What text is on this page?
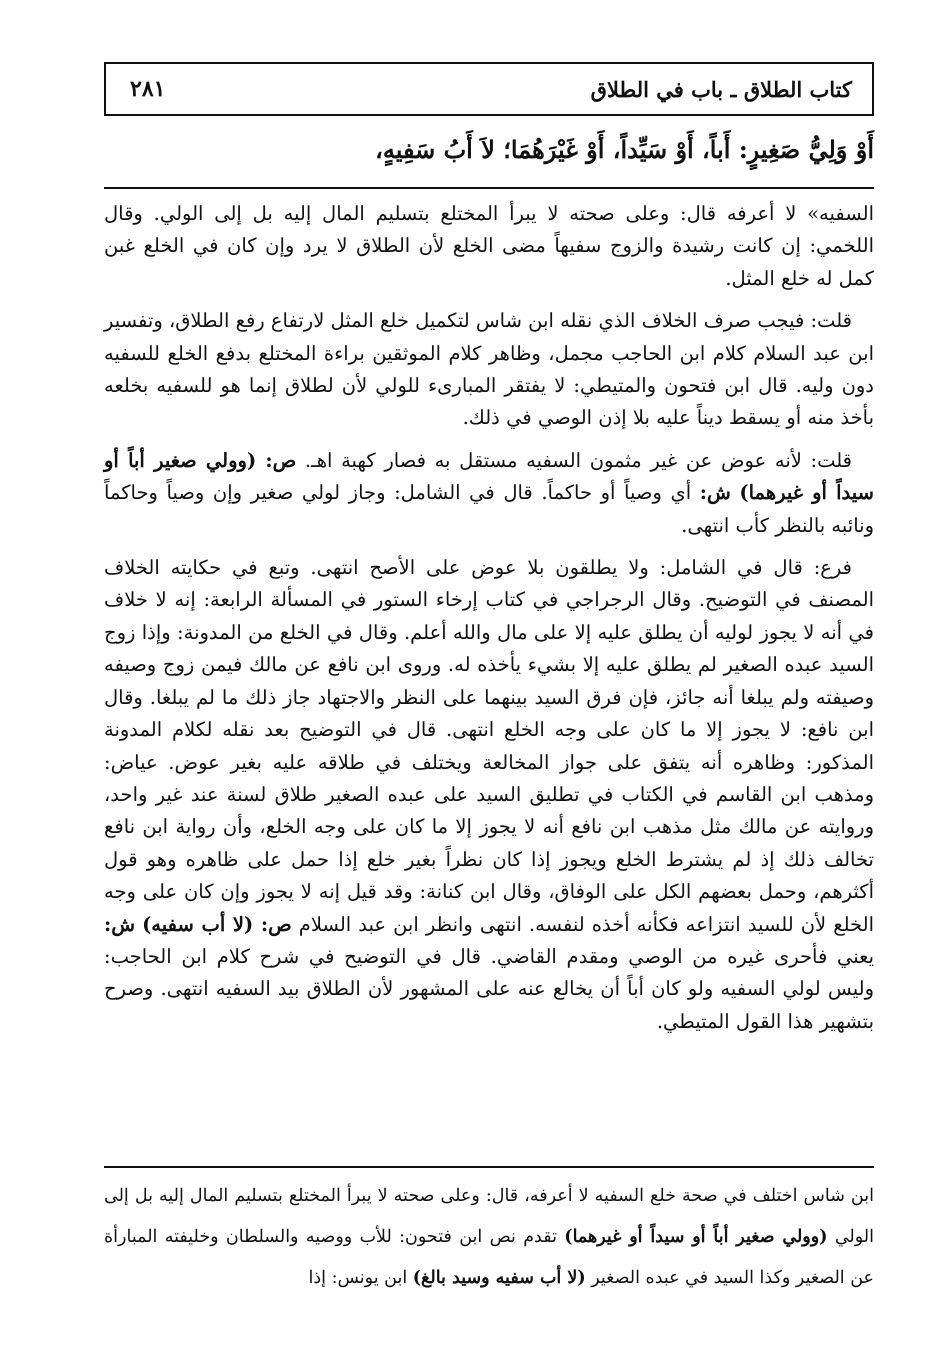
كتاب الطلاق ـ باب في الطلاق
٢٨١
أَوْ وَلِيُّ صَغِيرٍ: أَباً، أَوْ سَيِّداً، أَوْ غَيْرَهُمَا؛ لاَ أَبُ سَفِيهٍ،

السفيه» لا أعرفه قال: وعلى صحته لا يبرأ المختلع بتسليم المال إليه بل إلى الولي. وقال اللخمي: إن كانت رشيدة والزوج سفيهاً مضى الخلع لأن الطلاق لا يرد وإن كان في الخلع غبن كمل له خلع المثل.

قلت: فيجب صرف الخلاف الذي نقله ابن شاس لتكميل خلع المثل لارتفاع رفع الطلاق، وتفسير ابن عبد السلام كلام ابن الحاجب مجمل، وظاهر كلام الموثقين براءة المختلع بدفع الخلع للسفيه دون وليه. قال ابن فتحون والمتيطي: لا يفتقر المبارىء للولي لأن لطلاق إنما هو للسفيه بخلعه بأخذ منه أو يسقط ديناً عليه بلا إذن الوصي في ذلك.

قلت: لأنه عوض عن غير مثمون السفيه مستقل به فصار كهبة اهـ. ص: (وولي صغير أباً أو سيداً أو غيرهما) ش: أي وصياً أو حاكماً. قال في الشامل: وجاز لولي صغير وإن وصياً وحاكماً ونائبه بالنظر كأب انتهى.

فرع: قال في الشامل: ولا يطلقون بلا عوض على الأصح انتهى. وتبع في حكايته الخلاف المصنف في التوضيح. وقال الرجراجي في كتاب إرخاء الستور في المسألة الرابعة: إنه لا خلاف في أنه لا يجوز لوليه أن يطلق عليه إلا على مال والله أعلم. وقال في الخلع من المدونة: وإذا زوج السيد عبده الصغير لم يطلق عليه إلا بشيء يأخذه له. وروى ابن نافع عن مالك فيمن زوج وصيفه وصيفته ولم يبلغا أنه جائز، فإن فرق السيد بينهما على النظر والاجتهاد جاز ذلك ما لم يبلغا. وقال ابن نافع: لا يجوز إلا ما كان على وجه الخلع انتهى. قال في التوضيح بعد نقله لكلام المدونة المذكور: وظاهره أنه يتفق على جواز المخالعة ويختلف في طلاقه عليه بغير عوض. عياض: ومذهب ابن القاسم في الكتاب في تطليق السيد على عبده الصغير طلاق لسنة عند غير واحد، وروايته عن مالك مثل مذهب ابن نافع أنه لا يجوز إلا ما كان على وجه الخلع، وأن رواية ابن نافع تخالف ذلك إذ لم يشترط الخلع ويجوز إذا كان نظراً بغير خلع إذا حمل على ظاهره وهو قول أكثرهم، وحمل بعضهم الكل على الوفاق، وقال ابن كنانة: وقد قيل إنه لا يجوز وإن كان على وجه الخلع لأن للسيد انتزاعه فكأنه أخذه لنفسه. انتهى وانظر ابن عبد السلام ص: (لا أب سفيه) ش: يعني فأحرى غيره من الوصي ومقدم القاضي. قال في التوضيح في شرح كلام ابن الحاجب: وليس لولي السفيه ولو كان أباً أن يخالع عنه على المشهور لأن الطلاق بيد السفيه انتهى. وصرح بتشهير هذا القول المتيطي.

ابن شاس اختلف في صحة خلع السفيه لا أعرفه، قال: وعلى صحته لا يبرأ المختلع بتسليم المال إليه بل إلى الولي (وولي صغير أباً أو سيداً أو غيرهما) تقدم نص ابن فتحون: للأب ووصيه والسلطان وخليفته المبارأة عن الصغير وكذا السيد في عبده الصغير (لا أب سفيه وسيد بالغ) ابن يونس: إذا
